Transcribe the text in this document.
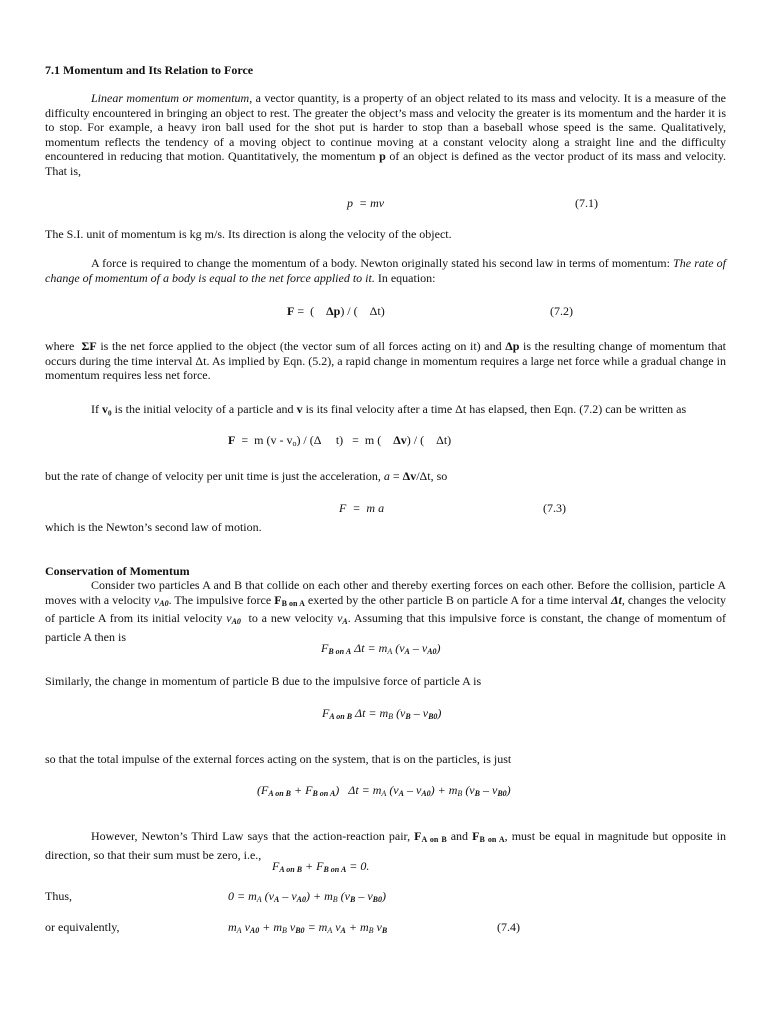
7.1 Momentum and Its Relation to Force
Linear momentum or momentum, a vector quantity, is a property of an object related to its mass and velocity. It is a measure of the difficulty encountered in bringing an object to rest. The greater the object’s mass and velocity the greater is its momentum and the harder it is to stop. For example, a heavy iron ball used for the shot put is harder to stop than a baseball whose speed is the same. Qualitatively, momentum reflects the tendency of a moving object to continue moving at a constant velocity along a straight line and the difficulty encountered in reducing that motion. Quantitatively, the momentum p of an object is defined as the vector product of its mass and velocity. That is,
p = mv	(7.1)
The S.I. unit of momentum is kg m/s. Its direction is along the velocity of the object.
A force is required to change the momentum of a body. Newton originally stated his second law in terms of momentum: The rate of change of momentum of a body is equal to the net force applied to it. In equation:
F =  (    Δp) / (    Δt)	(7.2)
where  ΣF is the net force applied to the object (the vector sum of all forces acting on it) and Δp is the resulting change of momentum that occurs during the time interval Δt. As implied by Eqn. (5.2), a rapid change in momentum requires a large net force while a gradual change in momentum requires less net force.
If v₀ is the initial velocity of a particle and v is its final velocity after a time Δt has elapsed, then Eqn. (7.2) can be written as
F  =  m (v - vo) / (Δ     t)   =  m (    Δv) / (    Δt)
but the rate of change of velocity per unit time is just the acceleration, a = Δv/Δt, so
F  =  m a	(7.3)
which is the Newton’s second law of motion.
Conservation of Momentum
Consider two particles A and B that collide on each other and thereby exerting forces on each other. Before the collision, particle A moves with a velocity $v_{A0}$. The impulsive force $F_{B on A}$ exerted by the other particle B on particle A for a time interval Δt, changes the velocity of particle A from its initial velocity $v_{A0}$  to a new velocity $v_A$. Assuming that this impulsive force is constant, the change of momentum of particle A then is
$F_{B on A}$ $\Delta t = m_A$ $(v_A - v_{A0})$
Similarly, the change in momentum of particle B due to the impulsive force of particle A is
$F_{A on B}$ $\Delta t = m_B$ $(v_B - v_{B0})$
so that the total impulse of the external forces acting on the system, that is on the particles, is just
$(F_{A on B} + F_{B on A}) \Delta t = m_A$ $(v_A - v_{A0}) + m_B$ $(v_B - v_{B0})$
However, Newton’s Third Law says that the action-reaction pair, $F_{A on B}$ and $F_{B on A}$, must be equal in magnitude but opposite in direction, so that their sum must be zero, i.e.,
$F_{A on B} + F_{B on A} = 0$.
Thus,	$0 = m_A$ $(v_A - v_{A0}) + m_B$ $(v_B - v_{B0})$
or equivalently,	$m_A$ $v_{A0} + m_B$ $v_{B0} = m_A$ $v_A + m_B$ $v_B$	(7.4)
